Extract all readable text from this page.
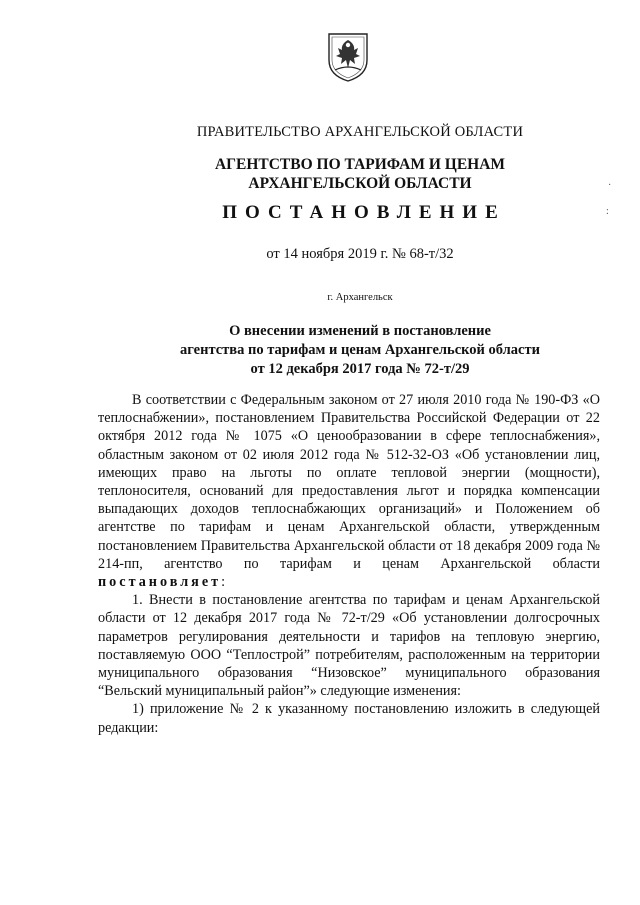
ПРАВИТЕЛЬСТВО АРХАНГЕЛЬСКОЙ ОБЛАСТИ
АГЕНТСТВО ПО ТАРИФАМ И ЦЕНАМ
АРХАНГЕЛЬСКОЙ ОБЛАСТИ
ПОСТАНОВЛЕНИЕ
от 14 ноября 2019 г. № 68-т/32
г. Архангельск
О внесении изменений в постановление
агентства по тарифам и ценам Архангельской области
от 12 декабря 2017 года № 72-т/29

В соответствии с Федеральным законом от 27 июля 2010 года № 190-ФЗ «О теплоснабжении», постановлением Правительства Российской Федерации от 22 октября 2012 года № 1075 «О ценообразовании в сфере теплоснабжения», областным законом от 02 июля 2012 года № 512-32-ОЗ «Об установлении лиц, имеющих право на льготы по оплате тепловой энергии (мощности), теплоносителя, оснований для предоставления льгот и порядка компенсации выпадающих доходов теплоснабжающих организаций» и Положением об агентстве по тарифам и ценам Архангельской области, утвержденным постановлением Правительства Архангельской области от 18 декабря 2009 года № 214-пп, агентство по тарифам и ценам Архангельской области постановляет:

1. Внести в постановление агентства по тарифам и ценам Архангельской области от 12 декабря 2017 года № 72-т/29 «Об установлении долгосрочных параметров регулирования деятельности и тарифов на тепловую энергию, поставляемую ООО “Теплострой” потребителям, расположенным на территории муниципального образования “Низовское” муниципального образования “Вельский муниципальный район”» следующие изменения:

1) приложение № 2 к указанному постановлению изложить в следующей редакции:

·
:
